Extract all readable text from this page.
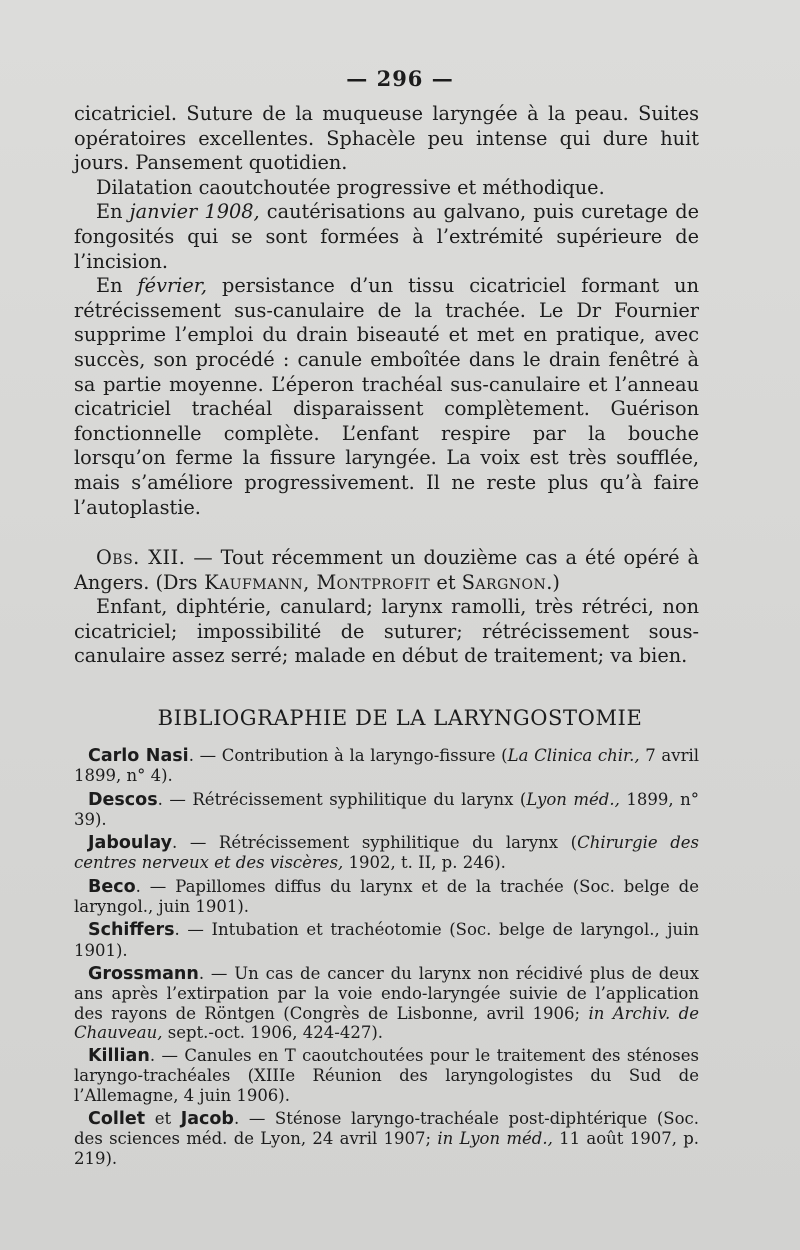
— 296 —

cicatriciel. Suture de la muqueuse laryngée à la peau. Suites opératoires excellentes. Sphacèle peu intense qui dure huit jours. Pansement quotidien.

Dilatation caoutchoutée progressive et méthodique.

En janvier 1908, cautérisations au galvano, puis curetage de fongosités qui se sont formées à l’extrémité supérieure de l’incision.

En février, persistance d’un tissu cicatriciel formant un rétrécissement sus-canulaire de la trachée. Le Dr Fournier supprime l’emploi du drain biseauté et met en pratique, avec succès, son procédé : canule emboîtée dans le drain fenêtré à sa partie moyenne. L’éperon trachéal sus-canulaire et l’anneau cicatriciel trachéal disparaissent complètement. Guérison fonctionnelle complète. L’enfant respire par la bouche lorsqu’on ferme la fissure laryngée. La voix est très soufflée, mais s’améliore progressivement. Il ne reste plus qu’à faire l’autoplastie.

Obs. XII. — Tout récemment un douzième cas a été opéré à Angers. (Drs Kaufmann, Montprofit et Sargnon.)

Enfant, diphtérie, canulard; larynx ramolli, très rétréci, non cicatriciel; impossibilité de suturer; rétrécissement sous-canulaire assez serré; malade en début de traitement; va bien.

BIBLIOGRAPHIE DE LA LARYNGOSTOMIE

Carlo Nasi. — Contribution à la laryngo-fissure (La Clinica chir., 7 avril 1899, n° 4).

Descos. — Rétrécissement syphilitique du larynx (Lyon méd., 1899, n° 39).

Jaboulay. — Rétrécissement syphilitique du larynx (Chirurgie des centres nerveux et des viscères, 1902, t. II, p. 246).

Beco. — Papillomes diffus du larynx et de la trachée (Soc. belge de laryngol., juin 1901).

Schiffers. — Intubation et trachéotomie (Soc. belge de laryngol., juin 1901).

Grossmann. — Un cas de cancer du larynx non récidivé plus de deux ans après l’extirpation par la voie endo-laryngée suivie de l’application des rayons de Röntgen (Congrès de Lisbonne, avril 1906; in Archiv. de Chauveau, sept.-oct. 1906, 424-427).

Killian. — Canules en T caoutchoutées pour le traitement des sténoses laryngo-trachéales (XIIIe Réunion des laryngologistes du Sud de l’Allemagne, 4 juin 1906).

Collet et Jacob. — Sténose laryngo-trachéale post-diphtérique (Soc. des sciences méd. de Lyon, 24 avril 1907; in Lyon méd., 11 août 1907, p. 219).
